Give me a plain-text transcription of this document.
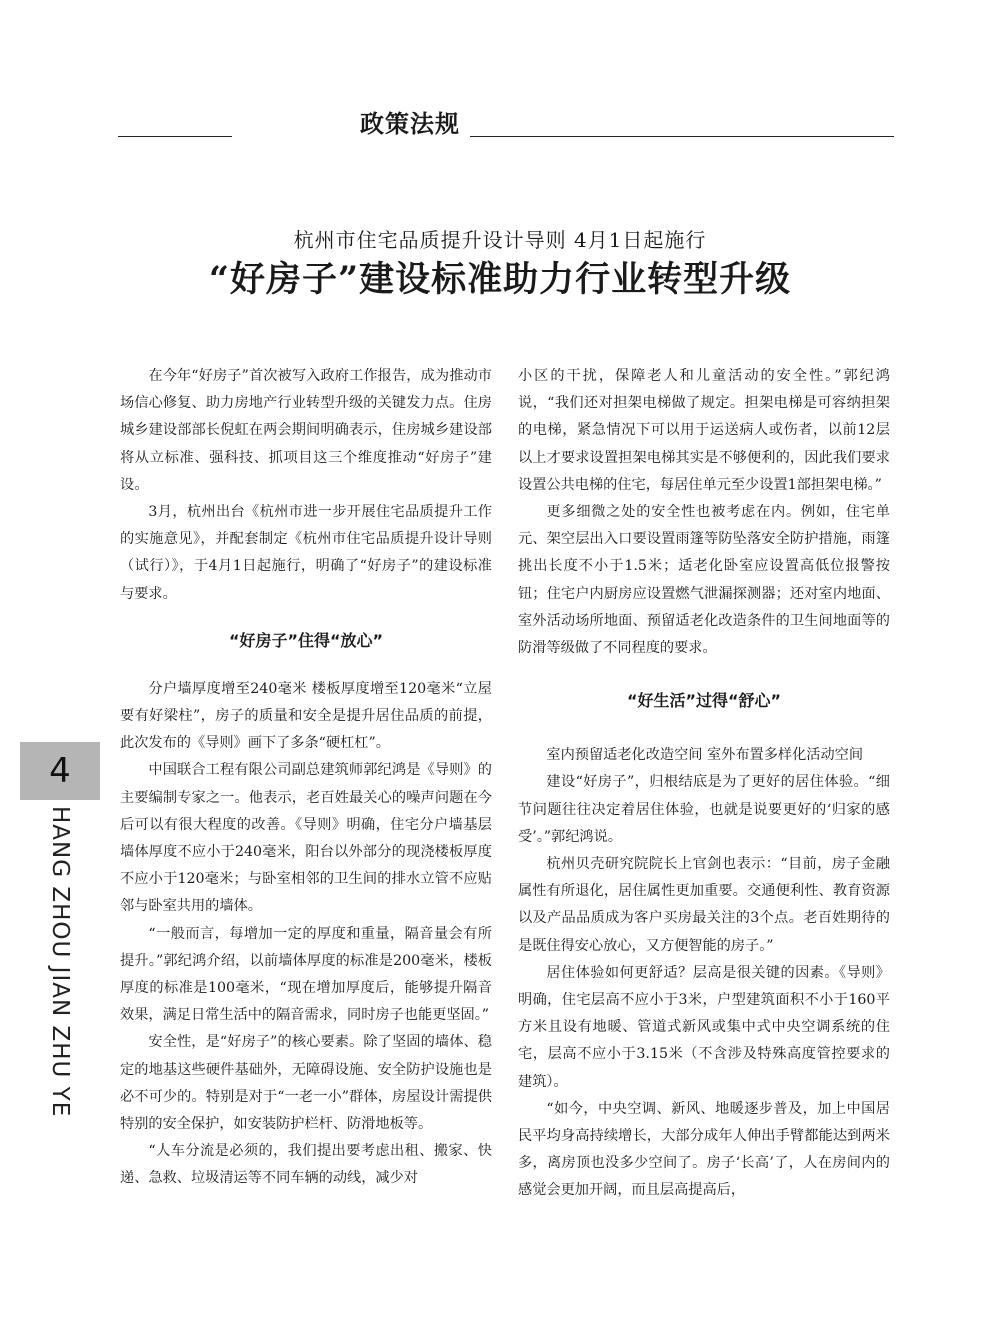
政策法规
杭州市住宅品质提升设计导则 4月1日起施行
“好房子”建设标准助力行业转型升级

在今年“好房子”首次被写入政府工作报告，成为推动市场信心修复、助力房地产行业转型升级的关键发力点。住房城乡建设部部长倪虹在两会期间明确表示，住房城乡建设部将从立标准、强科技、抓项目这三个维度推动“好房子”建设。

3月，杭州出台《杭州市进一步开展住宅品质提升工作的实施意见》，并配套制定《杭州市住宅品质提升设计导则（试行）》，于4月1日起施行，明确了“好房子”的建设标准与要求。

“好房子”住得“放心”

分户墙厚度增至240毫米 楼板厚度增至120毫米“立屋要有好梁柱”，房子的质量和安全是提升居住品质的前提，此次发布的《导则》画下了多条“硬杠杠”。

中国联合工程有限公司副总建筑师郭纪鸿是《导则》的主要编制专家之一。他表示，老百姓最关心的噪声问题在今后可以有很大程度的改善。《导则》明确，住宅分户墙基层墙体厚度不应小于240毫米，阳台以外部分的现浇楼板厚度不应小于120毫米；与卧室相邻的卫生间的排水立管不应贴邻与卧室共用的墙体。

“一般而言，每增加一定的厚度和重量，隔音量会有所提升。”郭纪鸿介绍，以前墙体厚度的标准是200毫米，楼板厚度的标准是100毫米，“现在增加厚度后，能够提升隔音效果，满足日常生活中的隔音需求，同时房子也能更坚固。”

安全性，是“好房子”的核心要素。除了坚固的墙体、稳定的地基这些硬件基础外，无障碍设施、安全防护设施也是必不可少的。特别是对于“一老一小”群体，房屋设计需提供特别的安全保护，如安装防护栏杆、防滑地板等。

“人车分流是必须的，我们提出要考虑出租、搬家、快递、急救、垃圾清运等不同车辆的动线，减少对

小区的干扰，保障老人和儿童活动的安全性。”郭纪鸿说，“我们还对担架电梯做了规定。担架电梯是可容纳担架的电梯，紧急情况下可以用于运送病人或伤者，以前12层以上才要求设置担架电梯其实是不够便利的，因此我们要求设置公共电梯的住宅，每居住单元至少设置1部担架电梯。”

更多细微之处的安全性也被考虑在内。例如，住宅单元、架空层出入口要设置雨篷等防坠落安全防护措施，雨篷挑出长度不小于1.5米；适老化卧室应设置高低位报警按钮；住宅户内厨房应设置燃气泄漏探测器；还对室内地面、室外活动场所地面、预留适老化改造条件的卫生间地面等的防滑等级做了不同程度的要求。

“好生活”过得“舒心”

室内预留适老化改造空间 室外布置多样化活动空间

建设“好房子”，归根结底是为了更好的居住体验。“细节问题往往决定着居住体验，也就是说要更好的‘归家的感受’。”郭纪鸿说。

杭州贝壳研究院院长上官剑也表示：“目前，房子金融属性有所退化，居住属性更加重要。交通便利性、教育资源以及产品品质成为客户买房最关注的3个点。老百姓期待的是既住得安心放心，又方便智能的房子。”

居住体验如何更舒适？层高是很关键的因素。《导则》明确，住宅层高不应小于3米，户型建筑面积不小于160平方米且设有地暖、管道式新风或集中式中央空调系统的住宅，层高不应小于3.15米（不含涉及特殊高度管控要求的建筑）。

“如今，中央空调、新风、地暖逐步普及，加上中国居民平均身高持续增长，大部分成年人伸出手臂都能达到两米多，离房顶也没多少空间了。房子‘长高’了，人在房间内的感觉会更加开阔，而且层高提高后，

4
HANG ZHOU JIAN ZHU YE
